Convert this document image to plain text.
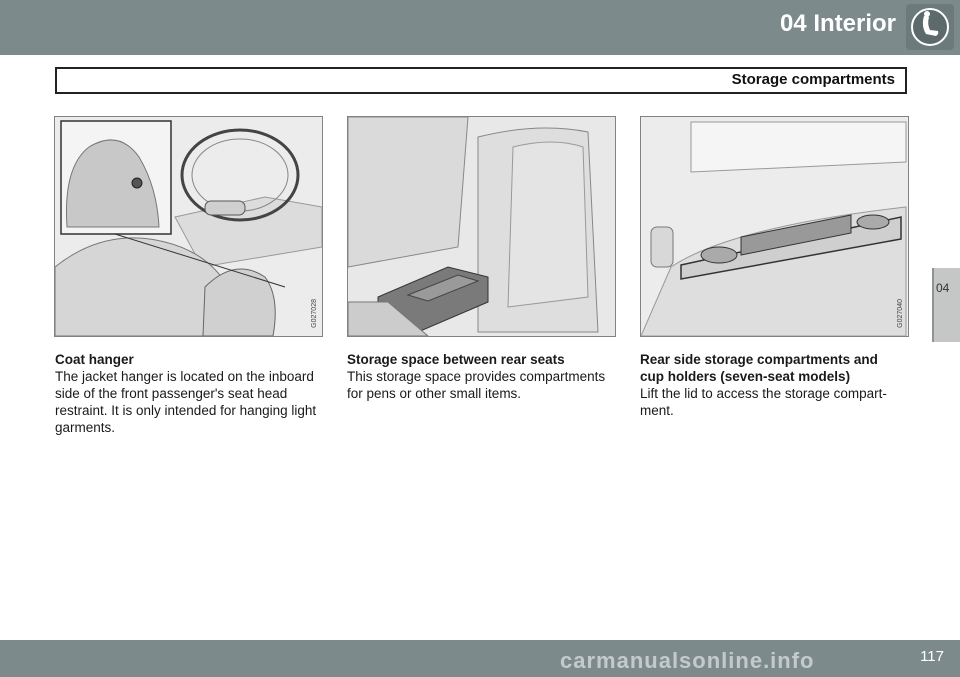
04 Interior
Storage compartments
04
G027028	G027040

Coat hanger

The jacket hanger is located on the inboard side of the front passenger's seat head restraint. It is only intended for hanging light garments.

Storage space between rear seats

This storage space provides compartments for pens or other small items.

Rear side storage compartments and cup holders (seven-seat models)

Lift the lid to access the storage compart-ment.

117
carmanualsonline.info
